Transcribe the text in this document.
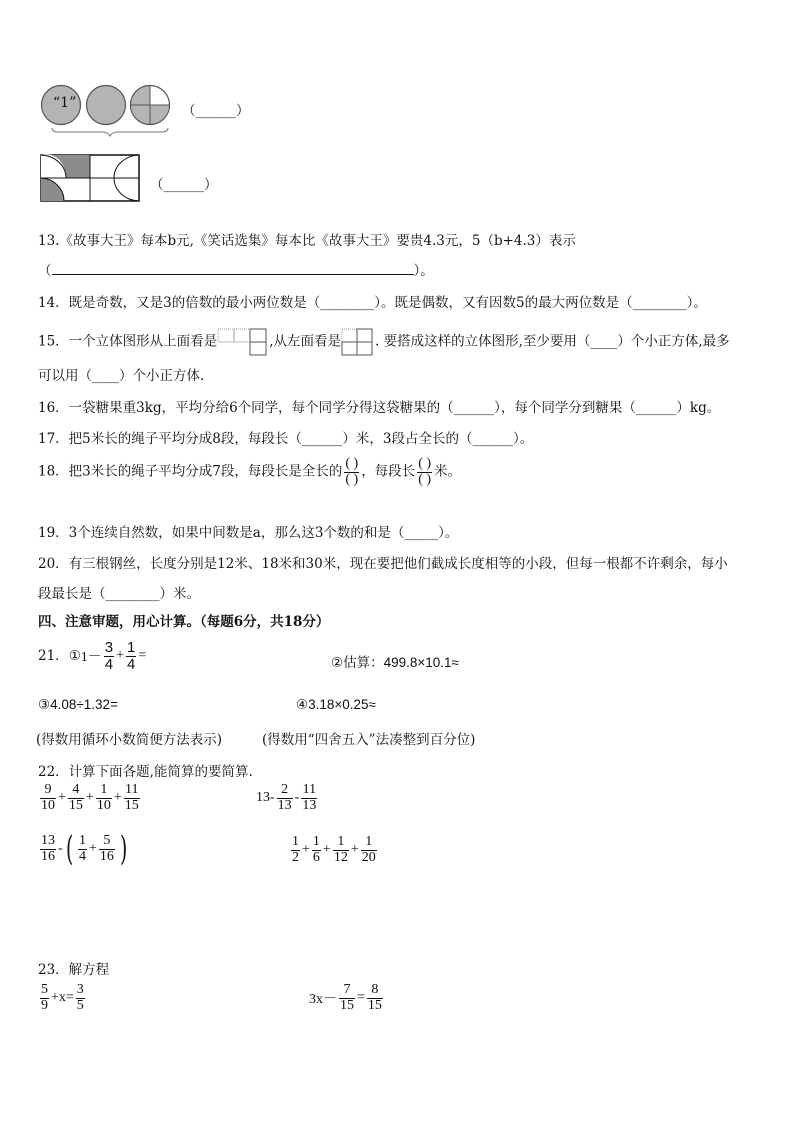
“1”	（______）
（______）
13.《故事大王》每本b元,《笑话选集》每本比《故事大王》要贵4.3元，5（b+4.3）表示
（	）。
14．既是奇数，又是3的倍数的最小两位数是（________）。既是偶数，又有因数5的最大两位数是（________）。
15．一个立体图形从上面看是	,从左面看是	. 要搭成这样的立体图形,至少要用（____）个小正方体,最多
可以用（____）个小正方体.
16．一袋糖果重3kg，平均分给6个同学，每个同学分得这袋糖果的（______），每个同学分到糖果（______）kg。
17．把5米长的绳子平均分成8段，每段长（______）米，3段占全长的（______）。
18．把3米长的绳子平均分成7段，每段长是全长的 $\frac{( )}{( )}$ ，每段长 $\frac{( )}{( )}$ 米。
19．3个连续自然数，如果中间数是a，那么这3个数的和是（_____）。
20．有三根钢丝，长度分别是12米、18米和30米，现在要把他们截成长度相等的小段，但每一根都不许剩余，每小
段最长是（________）米。
四、注意审题，用心计算。（每题6分，共18分）
21．①1－ $\frac{3}{4} + \frac{1}{4}$ =	②估算：499.8×10.1≈
③4.08÷1.32=	④3.18×0.25≈
(得数用循环小数简便方法表示)	(得数用“四舍五入”法凑整到百分位)
22．计算下面各题,能简算的要简算.
$\frac{9}{10} + \frac{4}{15} + \frac{1}{10} + \frac{11}{15}$	$13- \frac{2}{13} - \frac{11}{13}$
$\frac{13}{16}$ -( $\frac{1}{4} + \frac{5}{16}$ )	$\frac{1}{2} + \frac{1}{6} + \frac{1}{12} + \frac{1}{20}$
23．解方程
$\frac{5}{9} +x= \frac{3}{5}$	$3x- \frac{7}{15} = \frac{8}{15}$
